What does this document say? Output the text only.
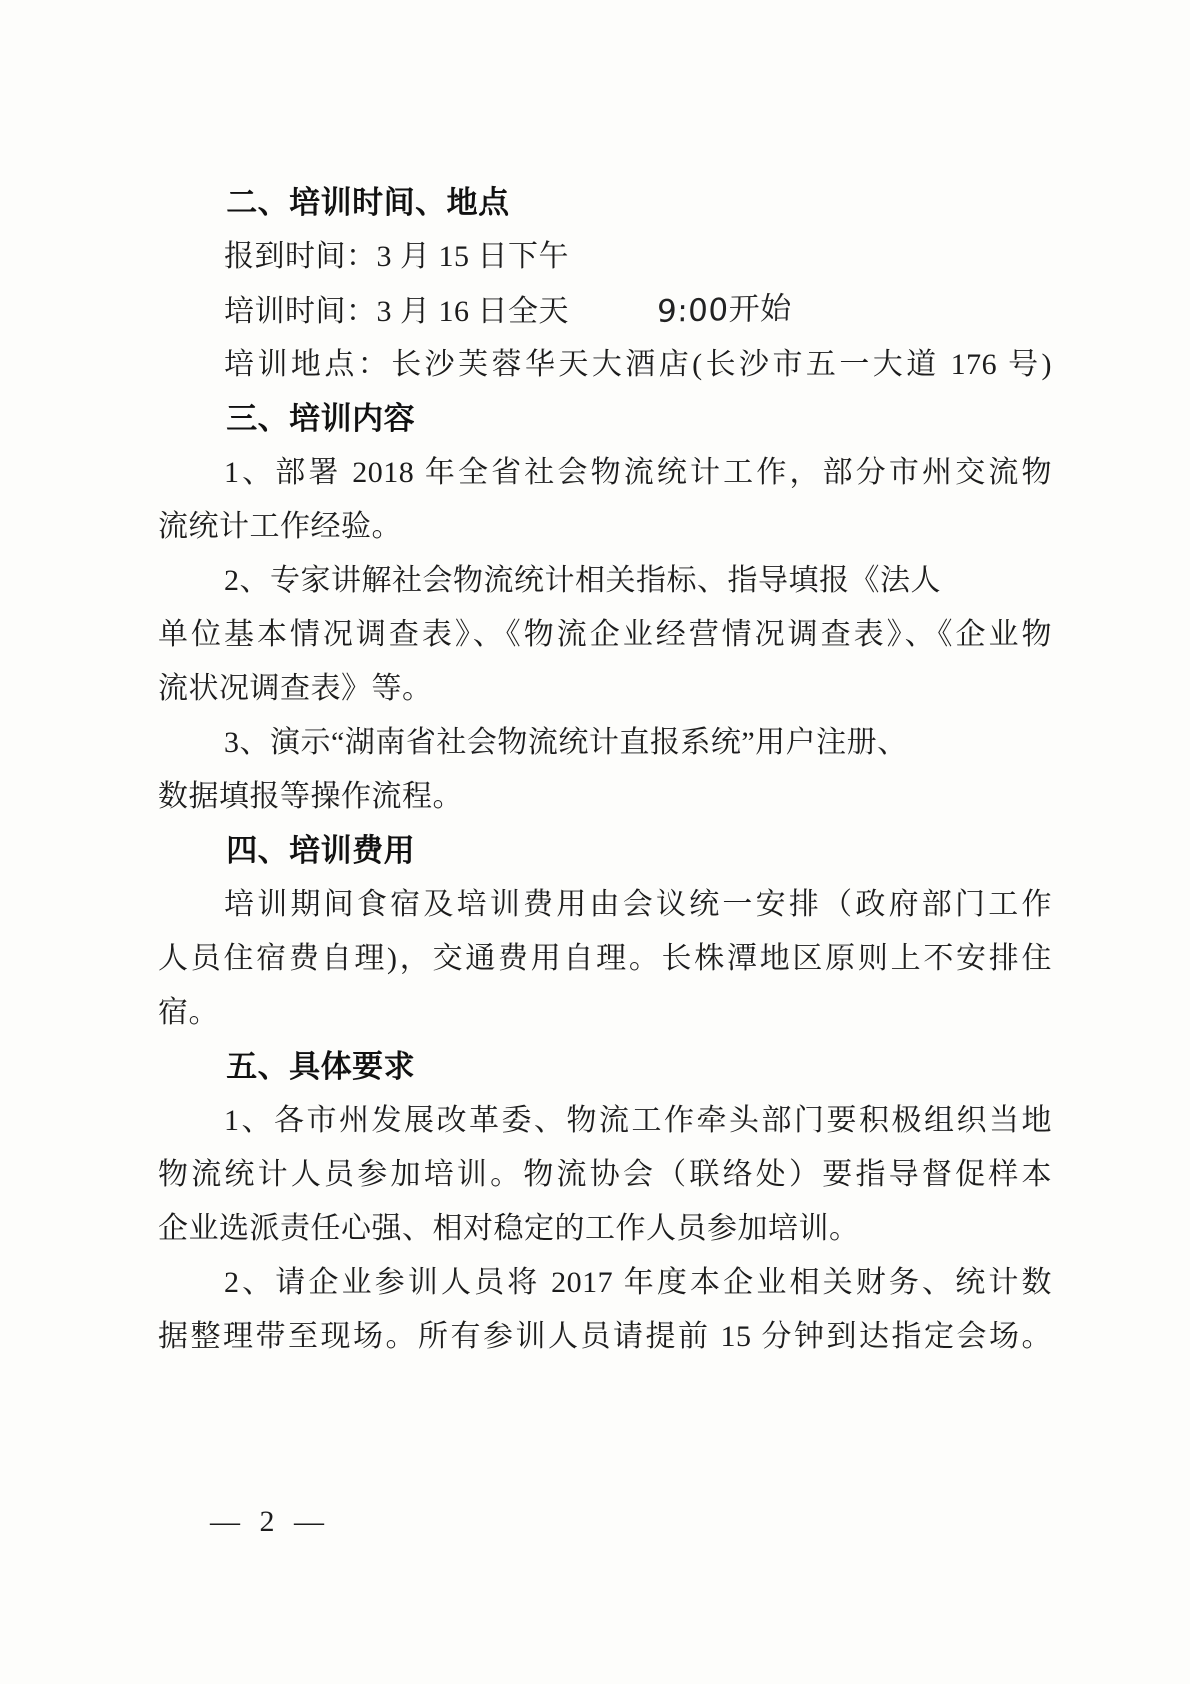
二、培训时间、地点
报到时间：3 月 15 日下午
培训时间：3 月 16 日全天	9:00开始
培训地点：长沙芙蓉华天大酒店(长沙市五一大道 176 号)
三、培训内容
1、部署 2018 年全省社会物流统计工作，部分市州交流物
流统计工作经验。
2、专家讲解社会物流统计相关指标、指导填报《法人
单位基本情况调查表》、《物流企业经营情况调查表》、《企业物
流状况调查表》等。
3、演示“湖南省社会物流统计直报系统”用户注册、
数据填报等操作流程。
四、培训费用
培训期间食宿及培训费用由会议统一安排（政府部门工作
人员住宿费自理)，交通费用自理。长株潭地区原则上不安排住
宿。
五、具体要求
1、各市州发展改革委、物流工作牵头部门要积极组织当地
物流统计人员参加培训。物流协会（联络处）要指导督促样本
企业选派责任心强、相对稳定的工作人员参加培训。
2、请企业参训人员将 2017 年度本企业相关财务、统计数
据整理带至现场。所有参训人员请提前 15 分钟到达指定会场。
— 2 —
